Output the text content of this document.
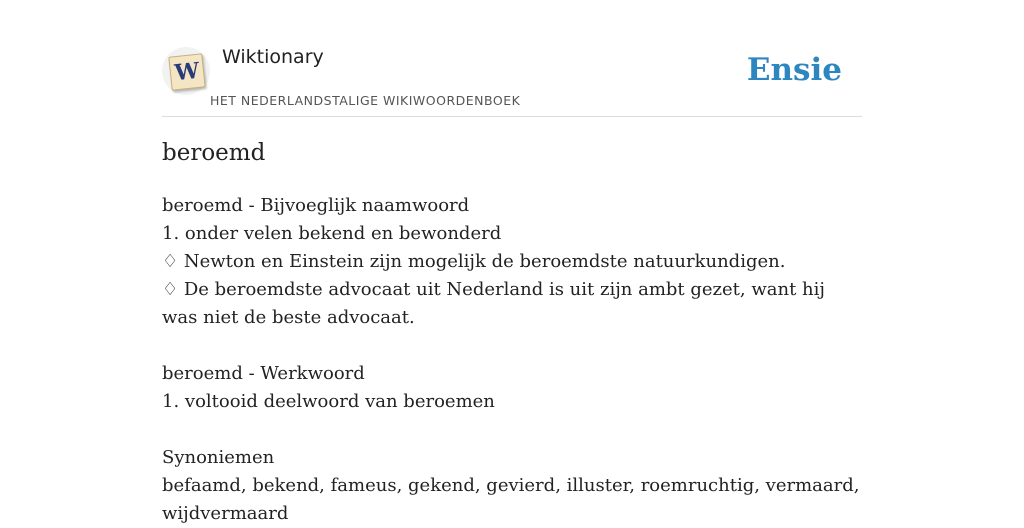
W
Wiktionary
HET NEDERLANDSTALIGE WIKIWOORDENBOEK
Ensie
beroemd

beroemd - Bijvoeglijk naamwoord

1. onder velen bekend en bewonderd

♢ Newton en Einstein zijn mogelijk de beroemdste natuurkundigen.

♢ De beroemdste advocaat uit Nederland is uit zijn ambt gezet, want hij was niet de beste advocaat.

beroemd - Werkwoord

1. voltooid deelwoord van beroemen

Synoniemen

befaamd, bekend, fameus, gekend, gevierd, illuster, roemruchtig, vermaard, wijdvermaard
